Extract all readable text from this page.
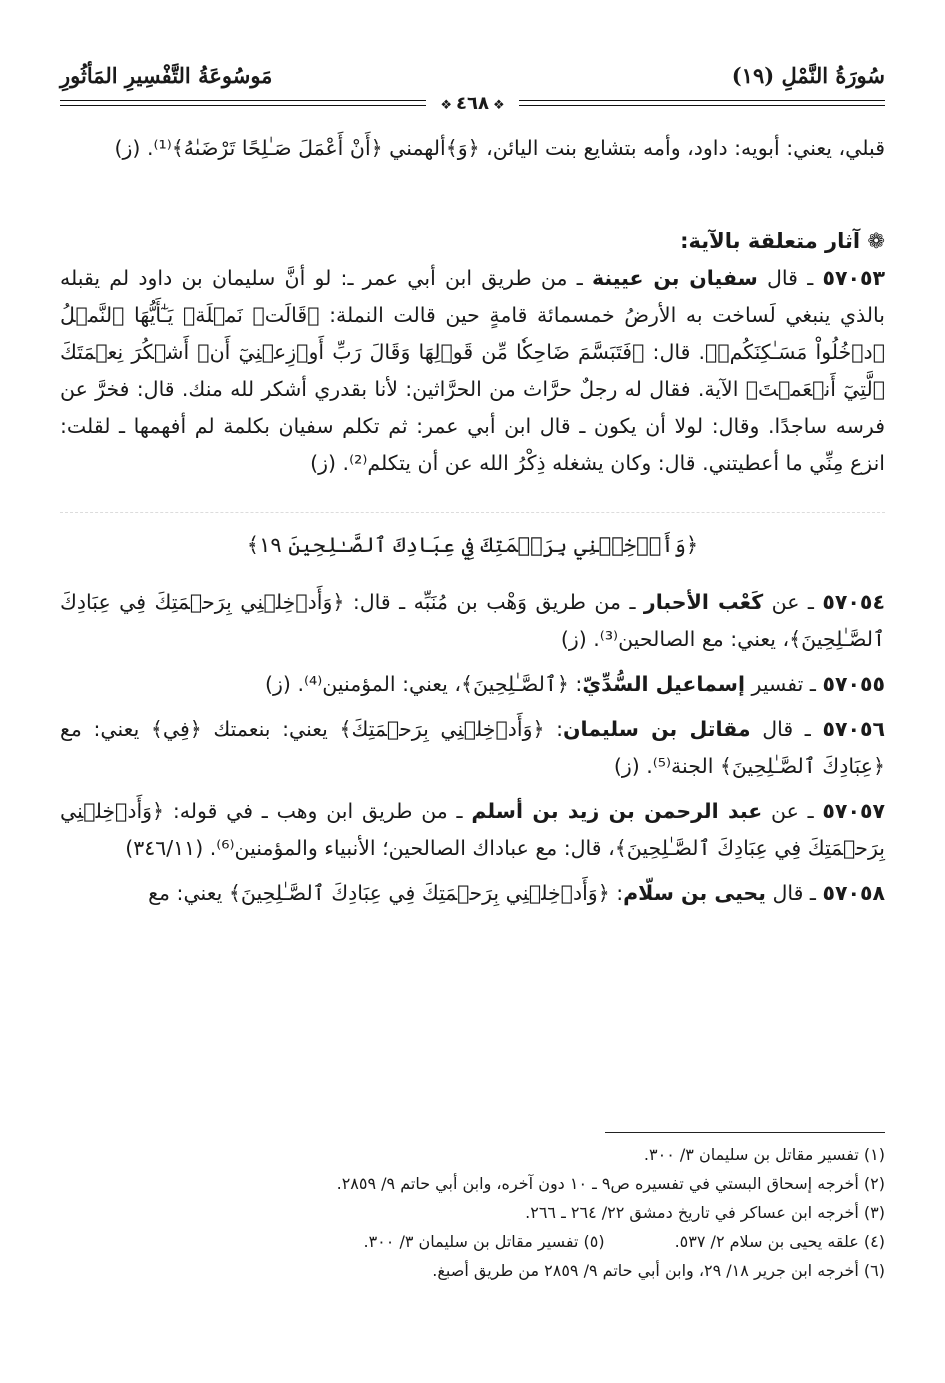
سُورَةُ النَّمْلِ (١٩)
مَوسُوعَةُ التَّفْسِيرِ المَأثُورِ
❖٤٦٨❖

قبلي، يعني: أبويه: داود، وأمه بتشايع بنت اليائن، ﴿وَ﴾ألهمني ﴿أَنْ أَعْمَلَ صَـٰلِحًا تَرْضَىٰهُ﴾⁽¹⁾. (ز)

❁ آثار متعلقة بالآية:

٥٧٠٥٣ ـ قال سفيان بن عيينة ـ من طريق ابن أبي عمر ـ: لو أنَّ سليمان بن داود لم يقبله بالذي ينبغي لَساخت به الأرضُ خمسمائة قامةٍ حين قالت النملة: ﴿قَالَتۡ نَمۡلَةٞ يَـٰٓأَيُّهَا ٱلنَّمۡلُ ٱدۡخُلُواْ مَسَـٰكِنَكُمۡ﴾. قال: ﴿فَتَبَسَّمَ ضَاحِكٗا مِّن قَوۡلِهَا وَقَالَ رَبِّ أَوۡزِعۡنِيٓ أَنۡ أَشۡكُرَ نِعۡمَتَكَ ٱلَّتِيٓ أَنۡعَمۡتَ﴾ الآية. فقال له رجلٌ حرَّاث من الحرَّاثين: لأنا بقدري أشكر لله منك. قال: فخرَّ عن فرسه ساجدًا. وقال: لولا أن يكون ـ قال ابن أبي عمر: ثم تكلم سفيان بكلمة لم أفهمها ـ لقلت: انزع مِنِّي ما أعطيتني. قال: وكان يشغله ذِكْرُ الله عن أن يتكلم⁽²⁾. (ز)

﴿وَأَدۡخِلۡنِي بِرَحۡمَتِكَ فِي عِبَادِكَ ٱلصَّـٰلِحِينَ ١٩﴾

٥٧٠٥٤ ـ عن كَعْب الأحبار ـ من طريق وَهْب بن مُنَبِّه ـ قال: ﴿وَأَدۡخِلۡنِي بِرَحۡمَتِكَ فِي عِبَادِكَ ٱلصَّـٰلِحِينَ﴾، يعني: مع الصالحين⁽³⁾. (ز)

٥٧٠٥٥ ـ تفسير إسماعيل السُّدِّيّ: ﴿ٱلصَّـٰلِحِينَ﴾، يعني: المؤمنين⁽⁴⁾. (ز)

٥٧٠٥٦ ـ قال مقاتل بن سليمان: ﴿وَأَدۡخِلۡنِي بِرَحۡمَتِكَ﴾ يعني: بنعمتك ﴿فِي﴾ يعني: مع ﴿عِبَادِكَ ٱلصَّـٰلِحِينَ﴾ الجنة⁽⁵⁾. (ز)

٥٧٠٥٧ ـ عن عبد الرحمن بن زيد بن أسلم ـ من طريق ابن وهب ـ في قوله: ﴿وَأَدۡخِلۡنِي بِرَحۡمَتِكَ فِي عِبَادِكَ ٱلصَّـٰلِحِينَ﴾، قال: مع عباداك الصالحين؛ الأنبياء والمؤمنين⁽⁶⁾. (٣٤٦/١١)

٥٧٠٥٨ ـ قال يحيى بن سلّام: ﴿وَأَدۡخِلۡنِي بِرَحۡمَتِكَ فِي عِبَادِكَ ٱلصَّـٰلِحِينَ﴾ يعني: مع

(١) تفسير مقاتل بن سليمان ٣/ ٣٠٠.
(٢) أخرجه إسحاق البستي في تفسيره ص٩ ـ ١٠ دون آخره، وابن أبي حاتم ٩/ ٢٨٥٩.
(٣) أخرجه ابن عساكر في تاريخ دمشق ٢٢/ ٢٦٤ ـ ٢٦٦.
(٤) علقه يحيى بن سلام ٢/ ٥٣٧.
(٥) تفسير مقاتل بن سليمان ٣/ ٣٠٠.
(٦) أخرجه ابن جرير ١٨/ ٢٩، وابن أبي حاتم ٩/ ٢٨٥٩ من طريق أصبغ.
